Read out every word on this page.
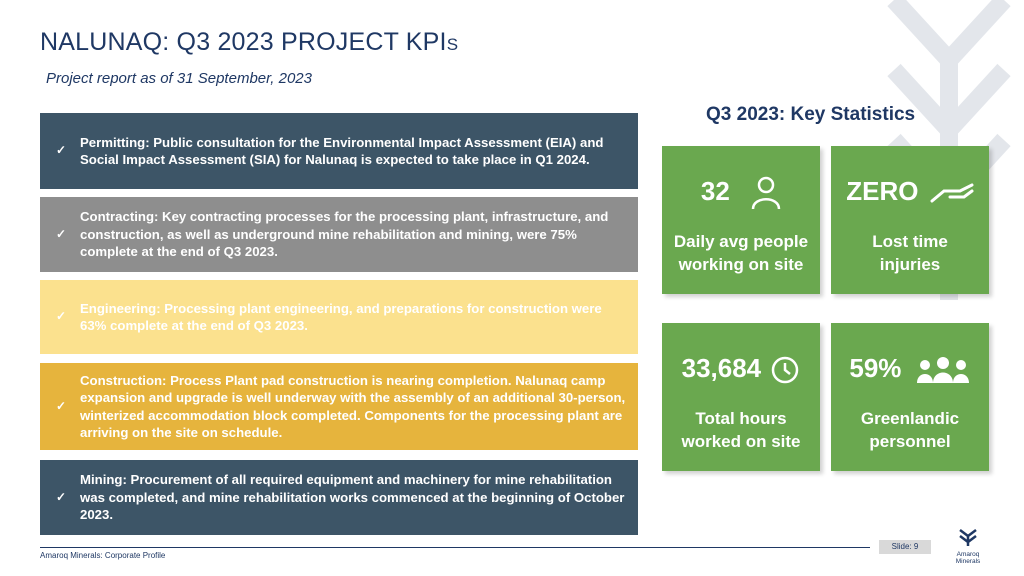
NALUNAQ: Q3 2023 PROJECT KPIS
Project report as of 31 September, 2023
✓
Permitting: Public consultation for the Environmental Impact Assessment (EIA) and Social Impact Assessment (SIA) for Nalunaq is expected to take place in Q1 2024.
✓
Contracting: Key contracting processes for the processing plant, infrastructure, and construction, as well as underground mine rehabilitation and mining, were 75% complete at the end of Q3 2023.
✓
Engineering: Processing plant engineering, and preparations for construction were 63% complete at the end of Q3 2023.
✓
Construction: Process Plant pad construction is nearing completion. Nalunaq camp expansion and upgrade is well underway with the assembly of an additional 30-person, winterized accommodation block completed. Components for the processing plant are arriving on the site on schedule.
✓
Mining: Procurement of all required equipment and machinery for mine rehabilitation was completed, and mine rehabilitation works commenced at the beginning of October 2023.
Q3 2023: Key Statistics
32
Daily avg people
working on site
ZERO
Lost time
injuries
33,684
Total hours
worked on site
59%
Greenlandic
personnel
Amaroq Minerals: Corporate Profile
Slide: 9
Amaroq Minerals
